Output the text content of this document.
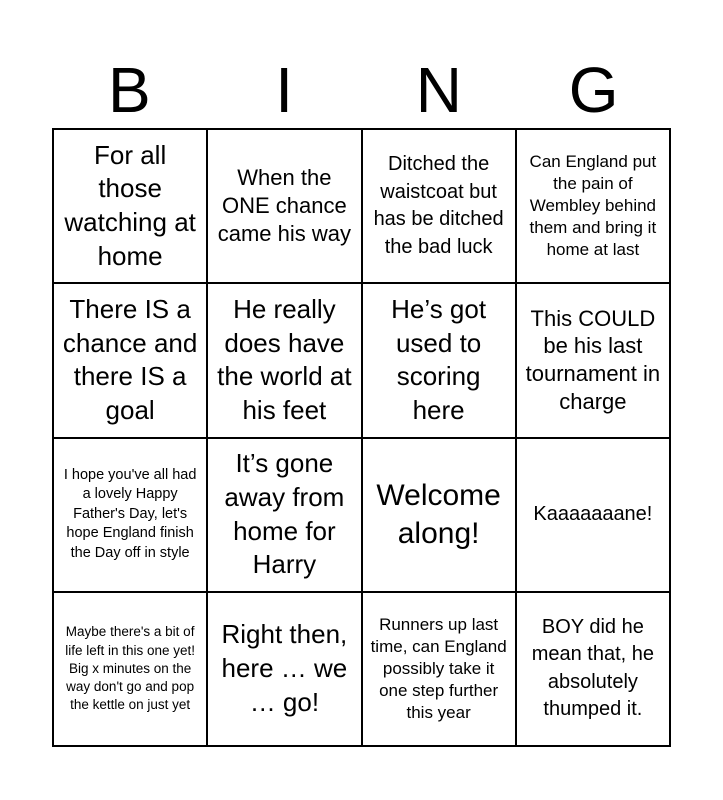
B	I	N	G
For all those watching at home
When the ONE chance came his way
Ditched the waistcoat but has be ditched the bad luck
Can England put the pain of Wembley behind them and bring it home at last
There IS a chance and there IS a goal
He really does have the world at his feet
He’s got used to scoring here
This COULD be his last tournament in charge
I hope you've all had a lovely Happy Father's Day, let's hope England finish the Day off in style
It’s gone away from home for Harry
Welcome along!
Kaaaaaaane!
Maybe there's a bit of life left in this one yet!
Big x minutes on the way don't go and pop the kettle on just yet
Right then, here … we … go!
Runners up last time, can England possibly take it one step further this year
BOY did he mean that, he absolutely thumped it.
